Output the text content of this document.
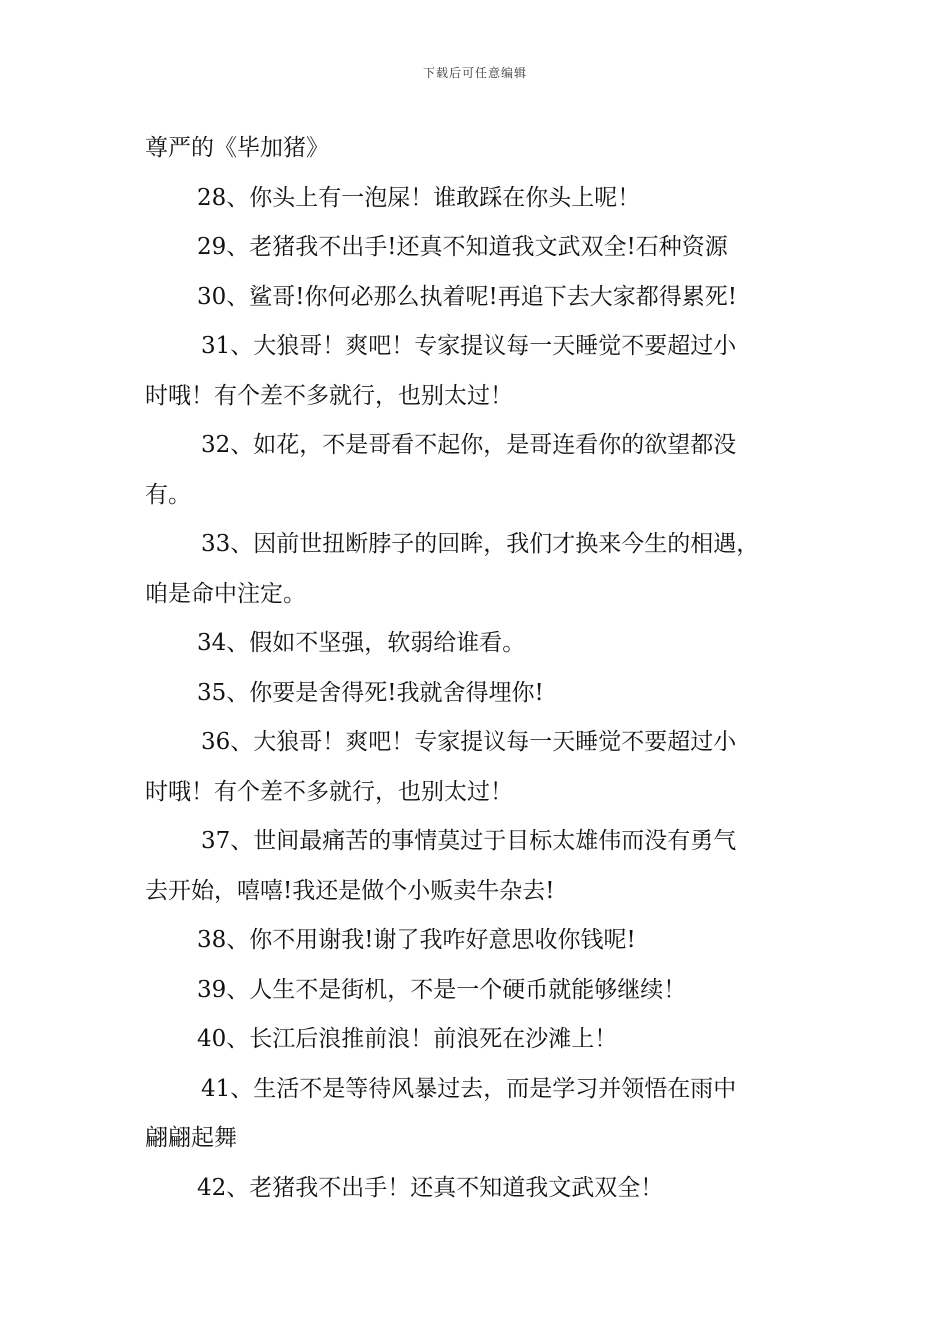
下载后可任意编辑

尊严的《毕加猪》

28、你头上有一泡屎！谁敢踩在你头上呢！

29、老猪我不出手!还真不知道我文武双全!石种资源

30、鲨哥!你何必那么执着呢!再追下去大家都得累死!

31、大狼哥！爽吧！专家提议每一天睡觉不要超过小

时哦！有个差不多就行，也别太过！

32、如花，不是哥看不起你，是哥连看你的欲望都没

有。

33、因前世扭断脖子的回眸，我们才换来今生的相遇，

咱是命中注定。

34、假如不坚强，软弱给谁看。

35、你要是舍得死!我就舍得埋你!

36、大狼哥！爽吧！专家提议每一天睡觉不要超过小

时哦！有个差不多就行，也别太过！

37、世间最痛苦的事情莫过于目标太雄伟而没有勇气

去开始，嘻嘻!我还是做个小贩卖牛杂去!

38、你不用谢我!谢了我咋好意思收你钱呢!

39、人生不是街机，不是一个硬币就能够继续！

40、长江后浪推前浪！前浪死在沙滩上！

41、生活不是等待风暴过去，而是学习并领悟在雨中

翩翩起舞

42、老猪我不出手！还真不知道我文武双全！
